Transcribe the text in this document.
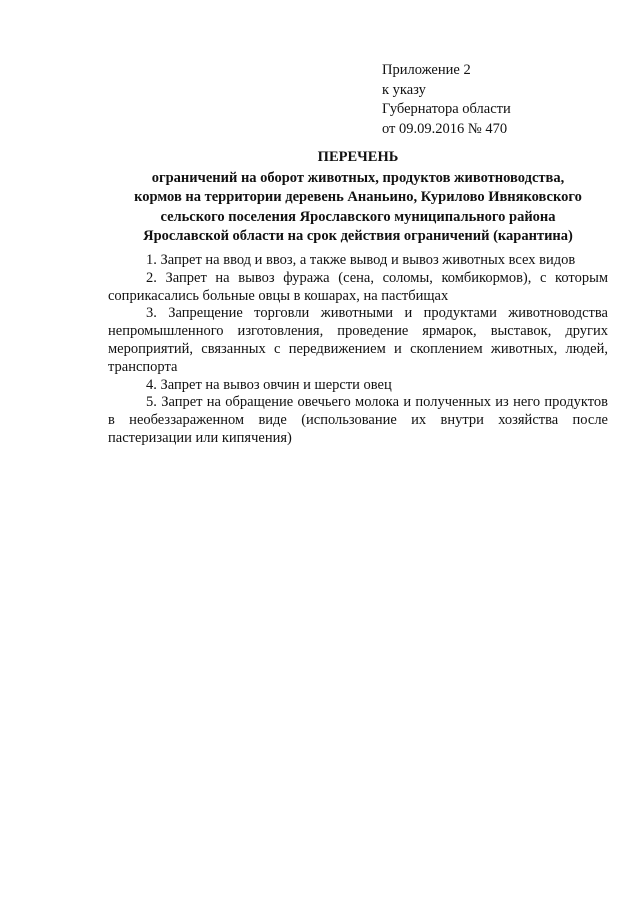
Приложение 2
к указу
Губернатора области
от 09.09.2016 № 470
ПЕРЕЧЕНЬ
ограничений на оборот животных, продуктов животноводства,
кормов на территории деревень Ананьино, Курилово Ивняковского
сельского поселения Ярославского муниципального района
Ярославской области на срок действия ограничений (карантина)

1. Запрет на ввод и ввоз, а также вывод и вывоз животных всех видов

2. Запрет на вывоз фуража (сена, соломы, комбикормов), с которым соприкасались больные овцы в кошарах, на пастбищах

3. Запрещение торговли животными и продуктами животноводства непромышленного изготовления, проведение ярмарок, выставок, других мероприятий, связанных с передвижением и скоплением животных, людей, транспорта

4. Запрет на вывоз овчин и шерсти овец

5. Запрет на обращение овечьего молока и полученных из него продуктов в необеззараженном виде (использование их внутри хозяйства после пастеризации или кипячения)
